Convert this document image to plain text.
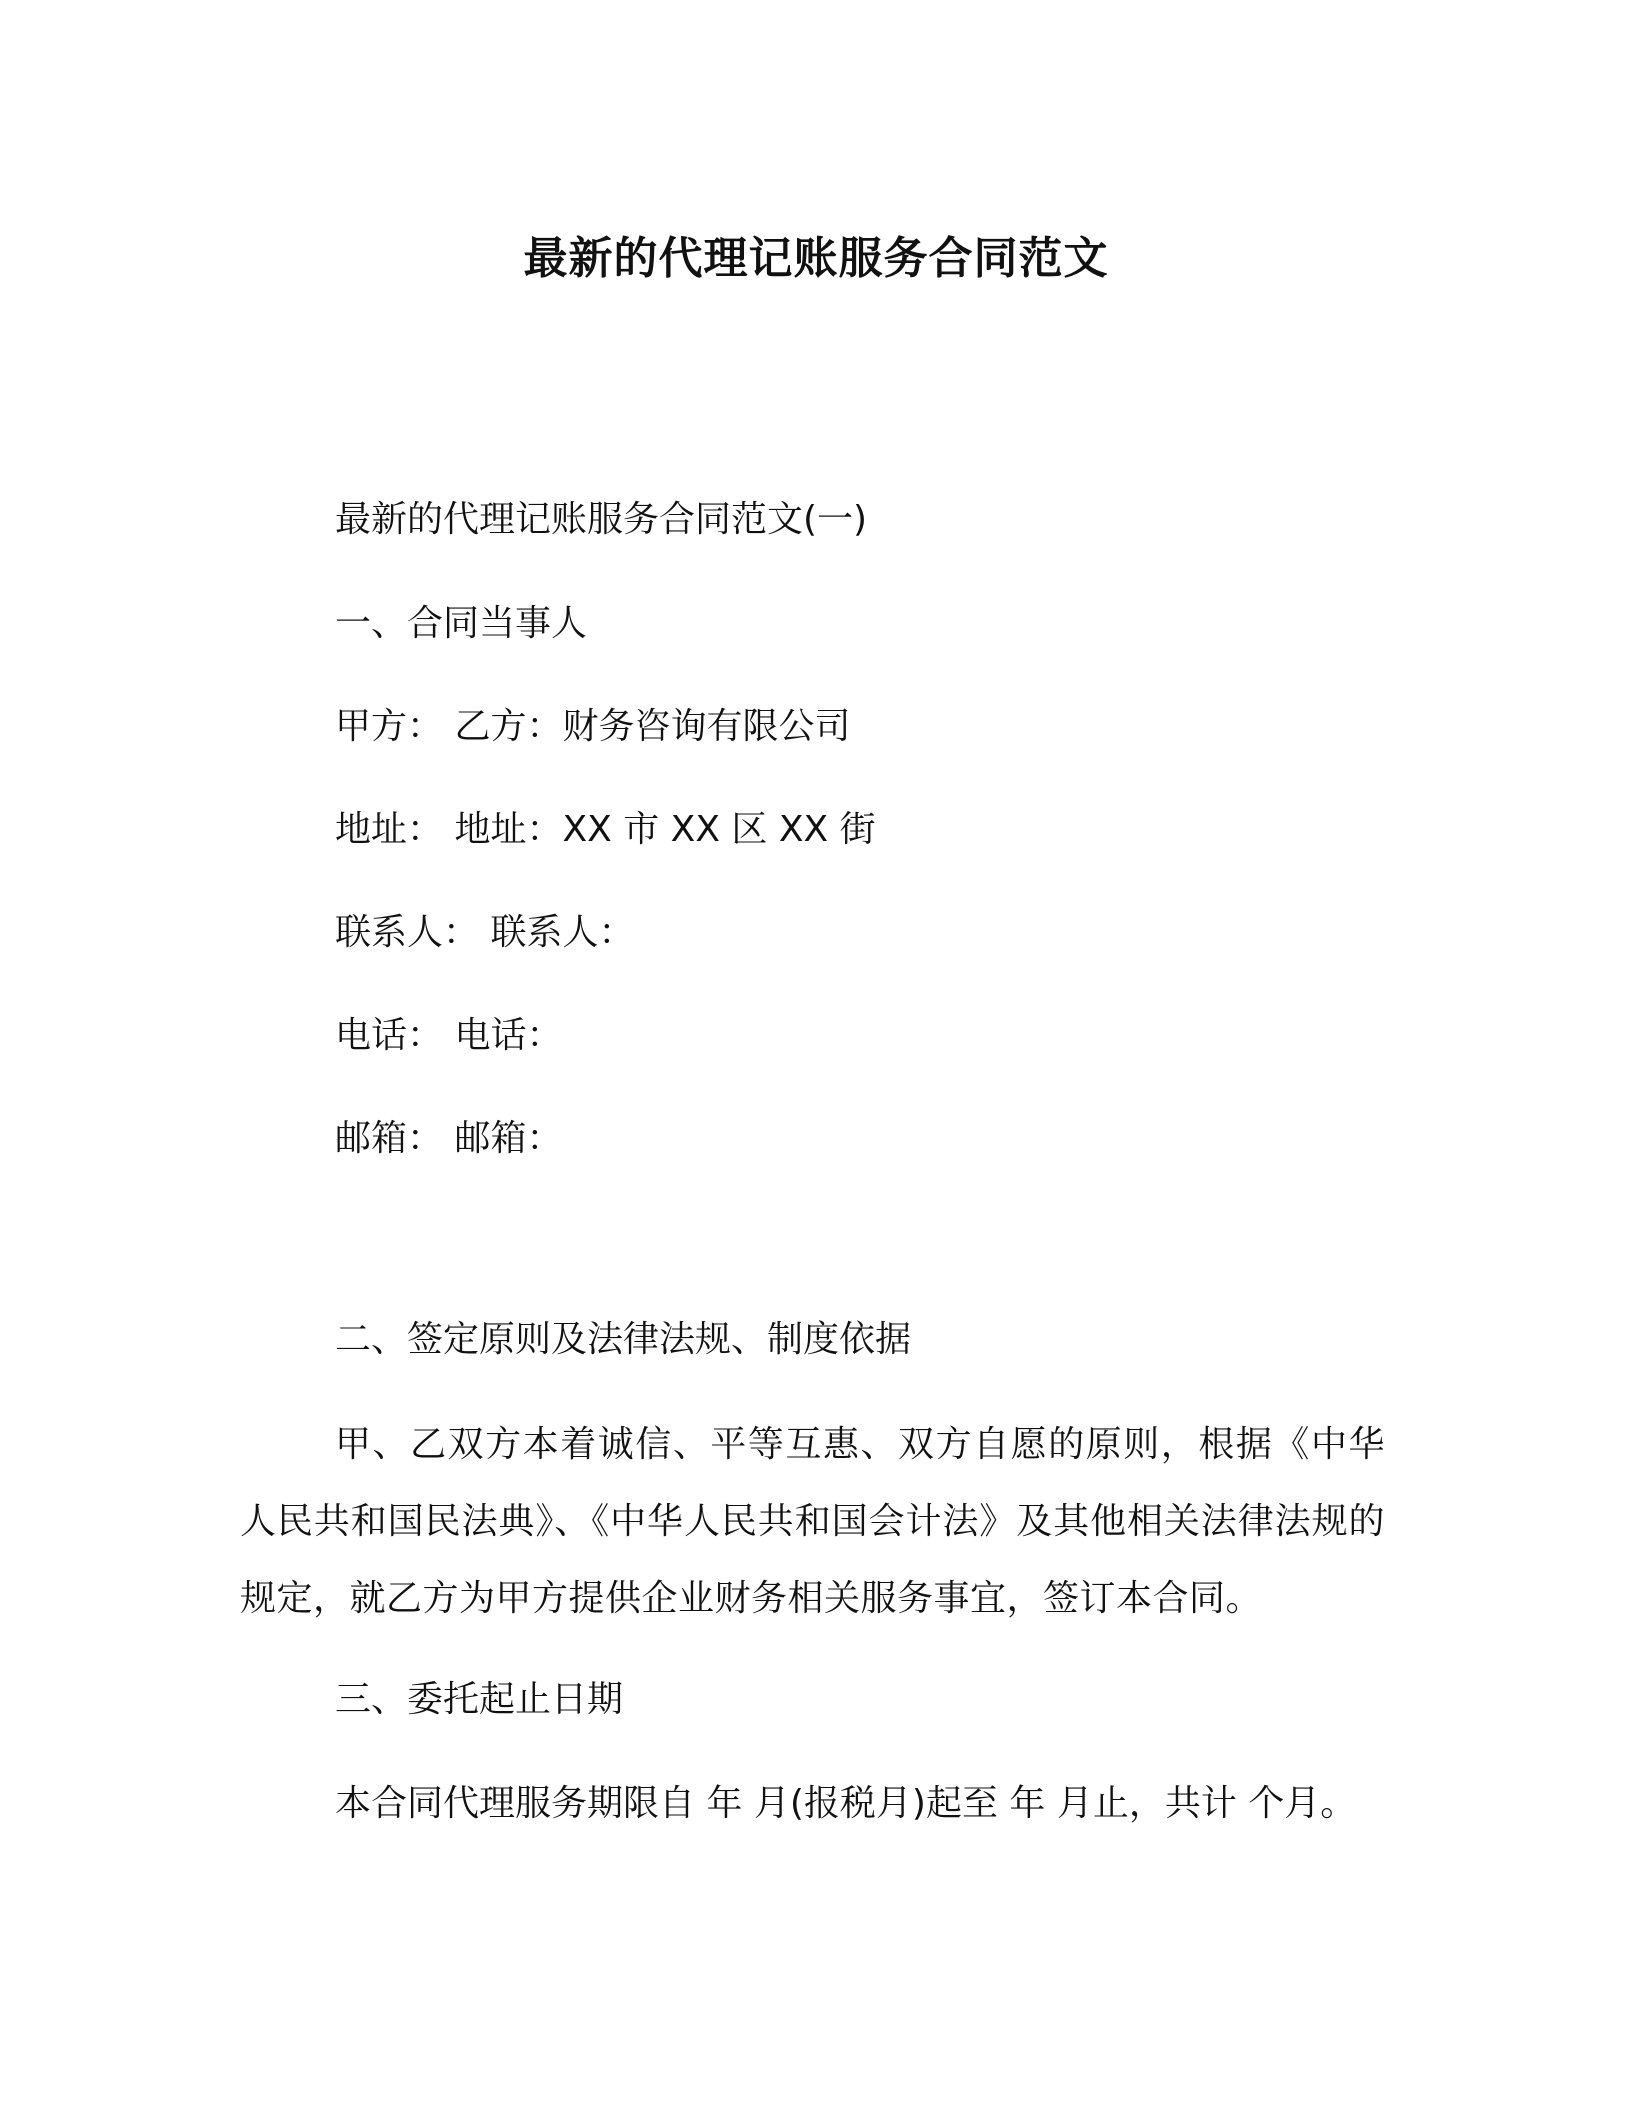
最新的代理记账服务合同范文
最新的代理记账服务合同范文(一)
一、合同当事人
甲方： 乙方：财务咨询有限公司
地址： 地址：XX 市 XX 区 XX 街
联系人： 联系人：
电话： 电话：
邮箱： 邮箱：
二、签定原则及法律法规、制度依据
甲、乙双方本着诚信、平等互惠、双方自愿的原则，根据《中华人民共和国民法典》、《中华人民共和国会计法》及其他相关法律法规的规定，就乙方为甲方提供企业财务相关服务事宜，签订本合同。
三、委托起止日期
本合同代理服务期限自 年 月(报税月)起至 年 月止，共计 个月。
